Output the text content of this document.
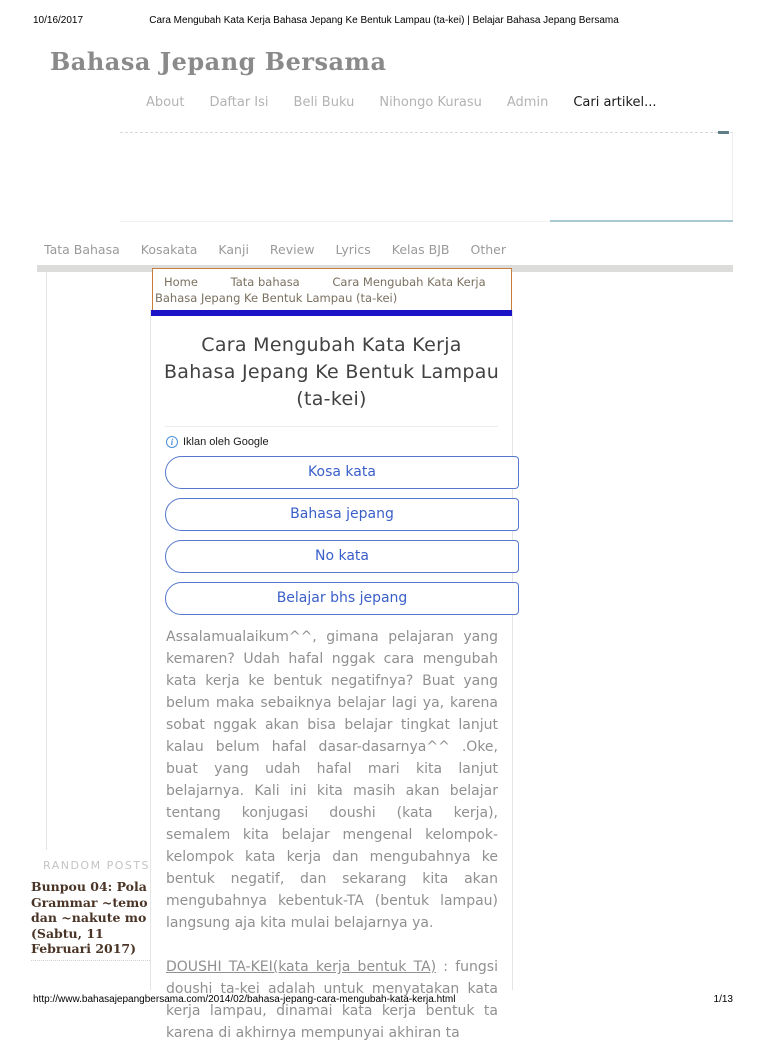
10/16/2017	Cara Mengubah Kata Kerja Bahasa Jepang Ke Bentuk Lampau (ta-kei) | Belajar Bahasa Jepang Bersama
Bahasa Jepang Bersama
About Daftar Isi Beli Buku Nihongo Kurasu Admin Cari artikel...
Tata Bahasa Kosakata Kanji Review Lyrics Kelas BJB Other
Home	Tata bahasa	Cara Mengubah Kata Kerja Bahasa Jepang Ke Bentuk Lampau (ta-kei)
Cara Mengubah Kata Kerja Bahasa Jepang Ke Bentuk Lampau (ta-kei)
i Iklan oleh Google
Kosa kata
Bahasa jepang
No kata
Belajar bhs jepang
Assalamualaikum^^, gimana pelajaran yang kemaren? Udah hafal nggak cara mengubah kata kerja ke bentuk negatifnya? Buat yang belum maka sebaiknya belajar lagi ya, karena sobat nggak akan bisa belajar tingkat lanjut kalau belum hafal dasar-dasarnya^^ .Oke, buat yang udah hafal mari kita lanjut belajarnya. Kali ini kita masih akan belajar tentang konjugasi doushi (kata kerja), semalem kita belajar mengenal kelompok-kelompok kata kerja dan mengubahnya ke bentuk negatif, dan sekarang kita akan mengubahnya kebentuk-TA (bentuk lampau) langsung aja kita mulai belajarnya ya.
DOUSHI TA-KEI(kata kerja bentuk TA) : fungsi doushi ta-kei adalah untuk menyatakan kata kerja lampau, dinamai kata kerja bentuk ta karena di akhirnya mempunyai akhiran ta
RANDOM POSTS
Bunpou 04: Pola Grammar ~temo dan ~nakute mo (Sabtu, 11 Februari 2017)
http://www.bahasajepangbersama.com/2014/02/bahasa-jepang-cara-mengubah-kata-kerja.html	1/13
